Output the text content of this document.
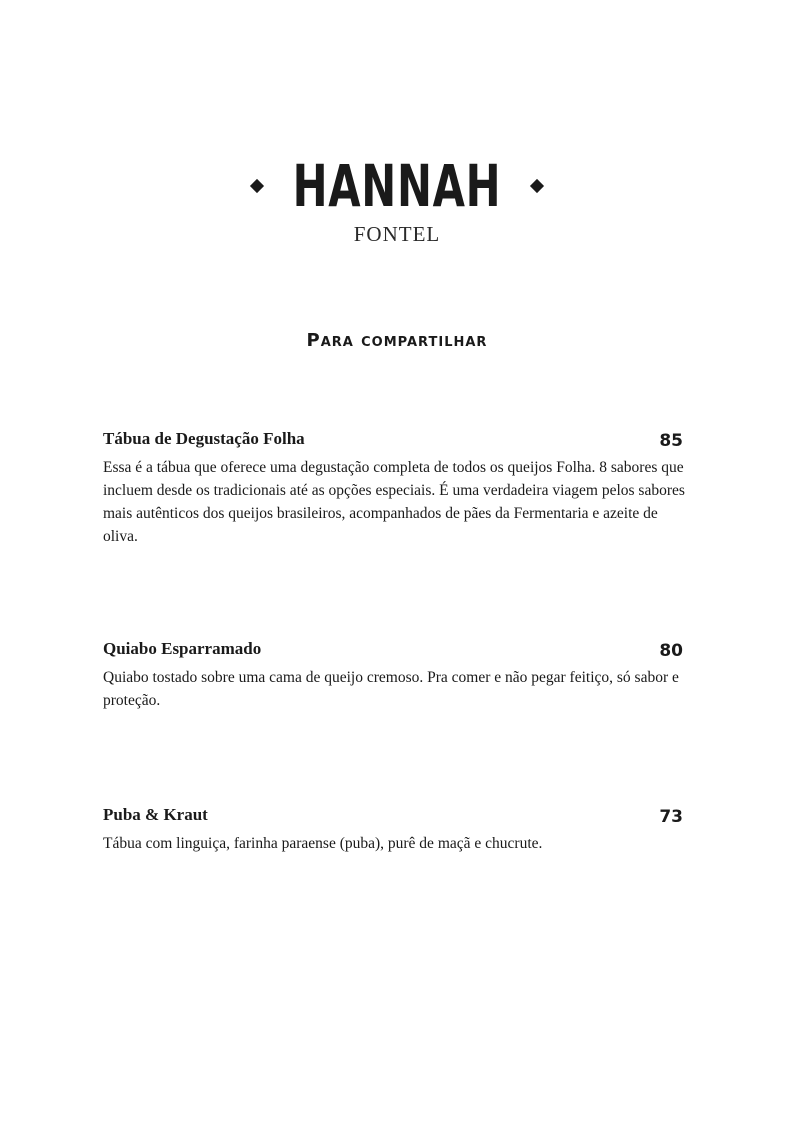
HANNAH
FONTEL
Para compartilhar
Tábua de Degustação Folha	85
Essa é a tábua que oferece uma degustação completa de todos os queijos Folha. 8 sabores que incluem desde os tradicionais até as opções especiais. É uma verdadeira viagem pelos sabores mais autênticos dos queijos brasileiros, acompanhados de pães da Fermentaria e azeite de oliva.
Quiabo Esparramado	80
Quiabo tostado sobre uma cama de queijo cremoso. Pra comer e não pegar feitiço, só sabor e proteção.
Puba & Kraut	73
Tábua com linguiça, farinha paraense (puba), purê de maçã e chucrute.
